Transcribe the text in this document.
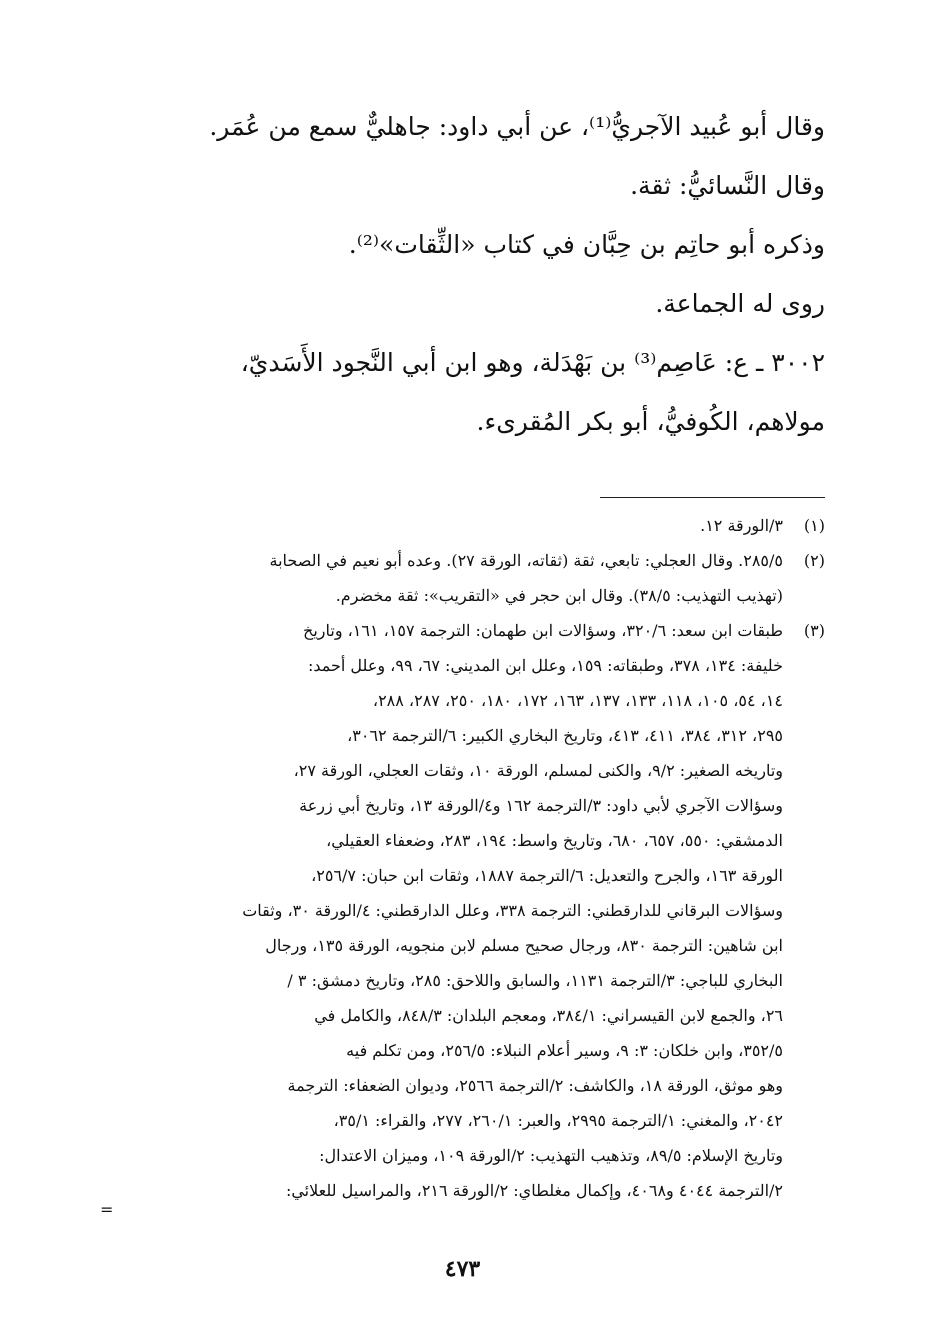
وقال أبو عُبيد الآجريُّ⁽¹⁾، عن أبي داود: جاهليٌّ سمع من عُمَر.
وقال النَّسائيُّ: ثقة.
وذكره أبو حاتِم بن حِبَّان في كتاب «الثِّقات»⁽²⁾.
روى له الجماعة.
٣٠٠٢ ـ ع: عَاصِم⁽³⁾ بن بَهْدَلة، وهو ابن أبي النَّجود الأَسَديّ،
مولاهم، الكُوفيُّ، أبو بكر المُقرىء.
(١)
٣/الورقة ١٢.
(٢)
٢٨٥/٥. وقال العجلي: تابعي، ثقة (ثقاته، الورقة ٢٧). وعده أبو نعيم في الصحابة
(تهذيب التهذيب: ٣٨/٥). وقال ابن حجر في «التقريب»: ثقة مخضرم.
(٣)
طبقات ابن سعد: ٣٢٠/٦، وسؤالات ابن طهمان: الترجمة ١٥٧، ١٦١، وتاريخ
خليفة: ١٣٤، ٣٧٨، وطبقاته: ١٥٩، وعلل ابن المديني: ٦٧، ٩٩، وعلل أحمد:
١٤، ٥٤، ١٠٥، ١١٨، ١٣٣، ١٣٧، ١٦٣، ١٧٢، ١٨٠، ٢٥٠، ٢٨٧، ٢٨٨،
٢٩٥، ٣١٢، ٣٨٤، ٤١١، ٤١٣، وتاريخ البخاري الكبير: ٦/الترجمة ٣٠٦٢،
وتاريخه الصغير: ٩/٢، والكنى لمسلم، الورقة ١٠، وثقات العجلي، الورقة ٢٧،
وسؤالات الآجري لأبي داود: ٣/الترجمة ١٦٢ و٤/الورقة ١٣، وتاريخ أبي زرعة
الدمشقي: ٥٥٠، ٦٥٧، ٦٨٠، وتاريخ واسط: ١٩٤، ٢٨٣، وضعفاء العقيلي،
الورقة ١٦٣، والجرح والتعديل: ٦/الترجمة ١٨٨٧، وثقات ابن حبان: ٢٥٦/٧،
وسؤالات البرقاني للدارقطني: الترجمة ٣٣٨، وعلل الدارقطني: ٤/الورقة ٣٠، وثقات
ابن شاهين: الترجمة ٨٣٠، ورجال صحيح مسلم لابن منجويه، الورقة ١٣٥، ورجال
البخاري للباجي: ٣/الترجمة ١١٣١، والسابق واللاحق: ٢٨٥، وتاريخ دمشق: ٣ /
٢٦، والجمع لابن القيسراني: ٣٨٤/١، ومعجم البلدان: ٨٤٨/٣، والكامل في
٣٥٢/٥، وابن خلكان: ٣: ٩، وسير أعلام النبلاء: ٢٥٦/٥، ومن تكلم فيه
وهو موثق، الورقة ١٨، والكاشف: ٢/الترجمة ٢٥٦٦، وديوان الضعفاء: الترجمة
٢٠٤٢، والمغني: ١/الترجمة ٢٩٩٥، والعبر: ٢٦٠/١، ٢٧٧، والقراء: ٣٥/١،
وتاريخ الإسلام: ٨٩/٥، وتذهيب التهذيب: ٢/الورقة ١٠٩، وميزان الاعتدال:
٢/الترجمة ٤٠٤٤ و٤٠٦٨، وإكمال مغلطاي: ٢/الورقة ٢١٦، والمراسيل للعلائي:
=
٤٧٣
